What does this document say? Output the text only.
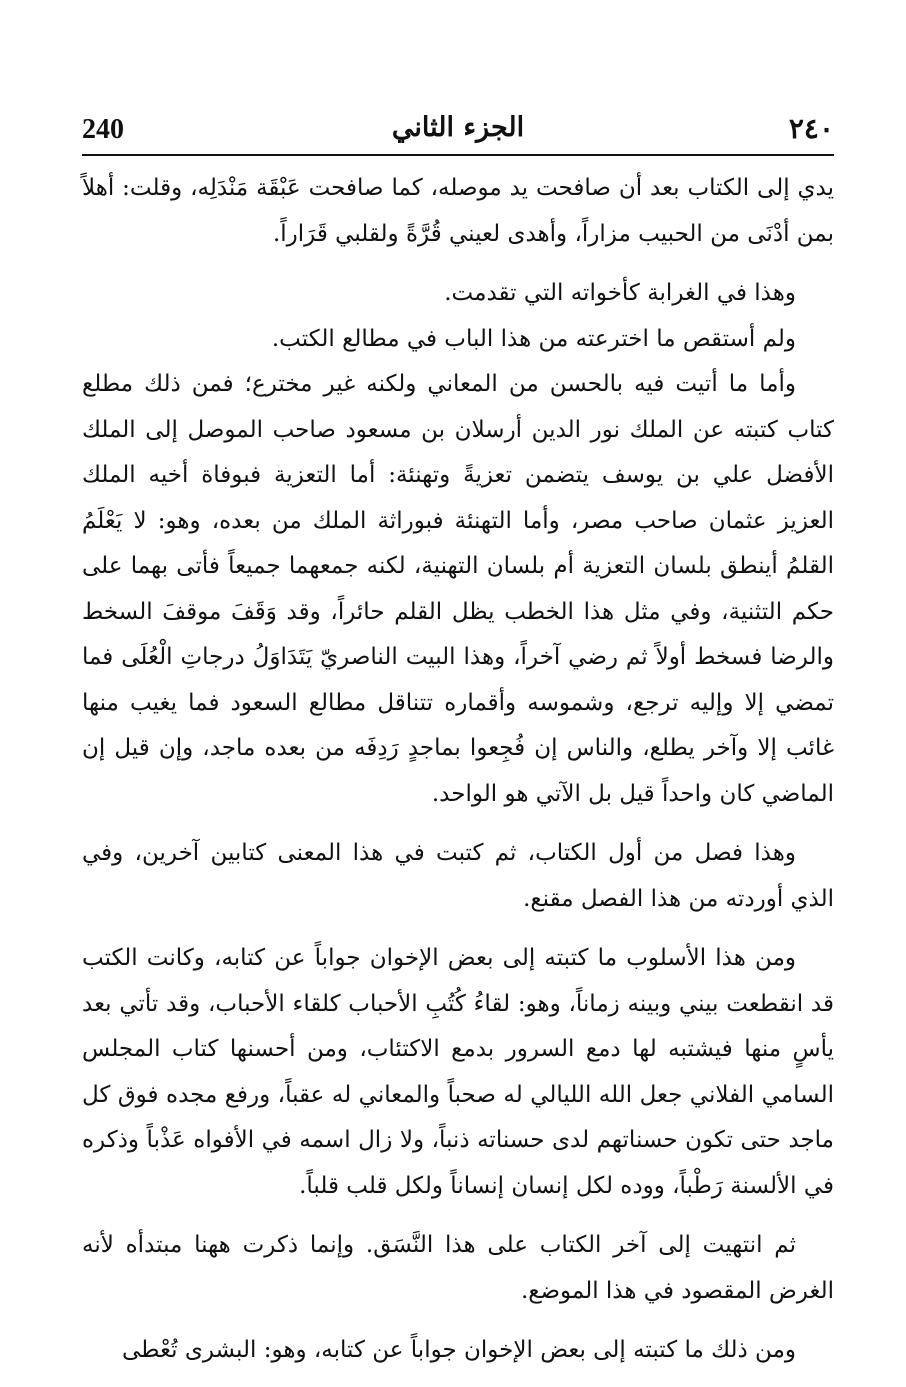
240	الجزء الثاني	٢٤٠

يدي إلى الكتاب بعد أن صافحت يد موصله، كما صافحت عَبْقَة مَنْدَلِه، وقلت: أهلاً بمن أدْنَى من الحبيب مزاراً، وأهدى لعيني قُرَّةً ولقلبي قَرَاراً.

وهذا في الغرابة كأخواته التي تقدمت.

ولم أستقص ما اخترعته من هذا الباب في مطالع الكتب.

وأما ما أتيت فيه بالحسن من المعاني ولكنه غير مخترع؛ فمن ذلك مطلع كتاب كتبته عن الملك نور الدين أرسلان بن مسعود صاحب الموصل إلى الملك الأفضل علي بن يوسف يتضمن تعزيةً وتهنئة: أما التعزية فبوفاة أخيه الملك العزيز عثمان صاحب مصر، وأما التهنئة فبوراثة الملك من بعده، وهو: لا يَعْلَمُ القلمُ أينطق بلسان التعزية أم بلسان التهنية، لكنه جمعهما جميعاً فأتى بهما على حكم التثنية، وفي مثل هذا الخطب يظل القلم حائراً، وقد وَقَفَ موقفَ السخط والرضا فسخط أولاً ثم رضي آخراً، وهذا البيت الناصريّ يَتَدَاوَلُ درجاتِ الْعُلَى فما تمضي إلا وإليه ترجع، وشموسه وأقماره تتناقل مطالع السعود فما يغيب منها غائب إلا وآخر يطلع، والناس إن فُجِعوا بماجدٍ رَدِفَه من بعده ماجد، وإن قيل إن الماضي كان واحداً قيل بل الآتي هو الواحد.

وهذا فصل من أول الكتاب، ثم كتبت في هذا المعنى كتابين آخرين، وفي الذي أوردته من هذا الفصل مقنع.

ومن هذا الأسلوب ما كتبته إلى بعض الإخوان جواباً عن كتابه، وكانت الكتب قد انقطعت بيني وبينه زماناً، وهو: لقاءُ كُتُبِ الأحباب كلقاء الأحباب، وقد تأتي بعد يأسٍ منها فيشتبه لها دمع السرور بدمع الاكتئاب، ومن أحسنها كتاب المجلس السامي الفلاني جعل الله الليالي له صحباً والمعاني له عقباً، ورفع مجده فوق كل ماجد حتى تكون حسناتهم لدى حسناته ذنباً، ولا زال اسمه في الأفواه عَذْباً وذكره في الألسنة رَطْباً، ووده لكل إنسان إنساناً ولكل قلب قلباً.

ثم انتهيت إلى آخر الكتاب على هذا النَّسَق. وإنما ذكرت ههنا مبتدأه لأنه الغرض المقصود في هذا الموضع.

ومن ذلك ما كتبته إلى بعض الإخوان جواباً عن كتابه، وهو: البشرى تُعْطى
